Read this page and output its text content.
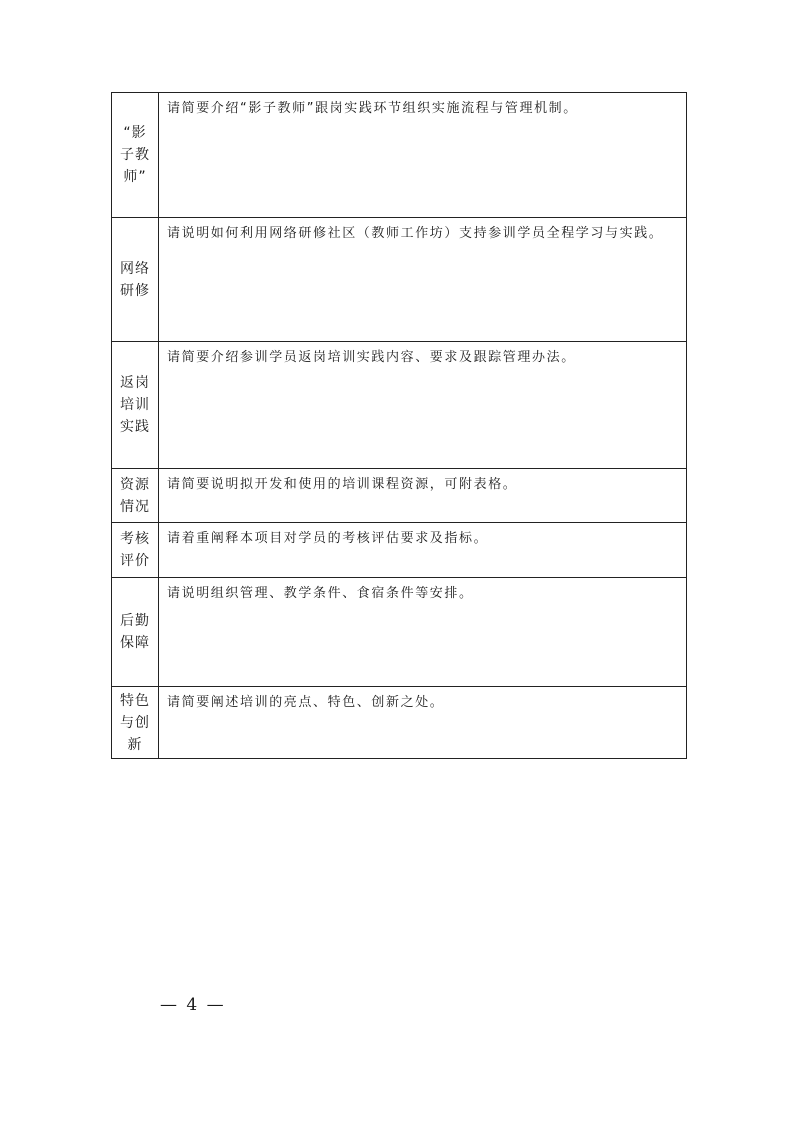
“影子教师”	请简要介绍“影子教师”跟岗实践环节组织实施流程与管理机制。
网络研修	请说明如何利用网络研修社区（教师工作坊）支持参训学员全程学习与实践。
返岗培训实践	请简要介绍参训学员返岗培训实践内容、要求及跟踪管理办法。
资源情况	请简要说明拟开发和使用的培训课程资源，可附表格。
考核评价	请着重阐释本项目对学员的考核评估要求及指标。
后勤保障	请说明组织管理、教学条件、食宿条件等安排。
特色与创新	请简要阐述培训的亮点、特色、创新之处。
— 4 —
